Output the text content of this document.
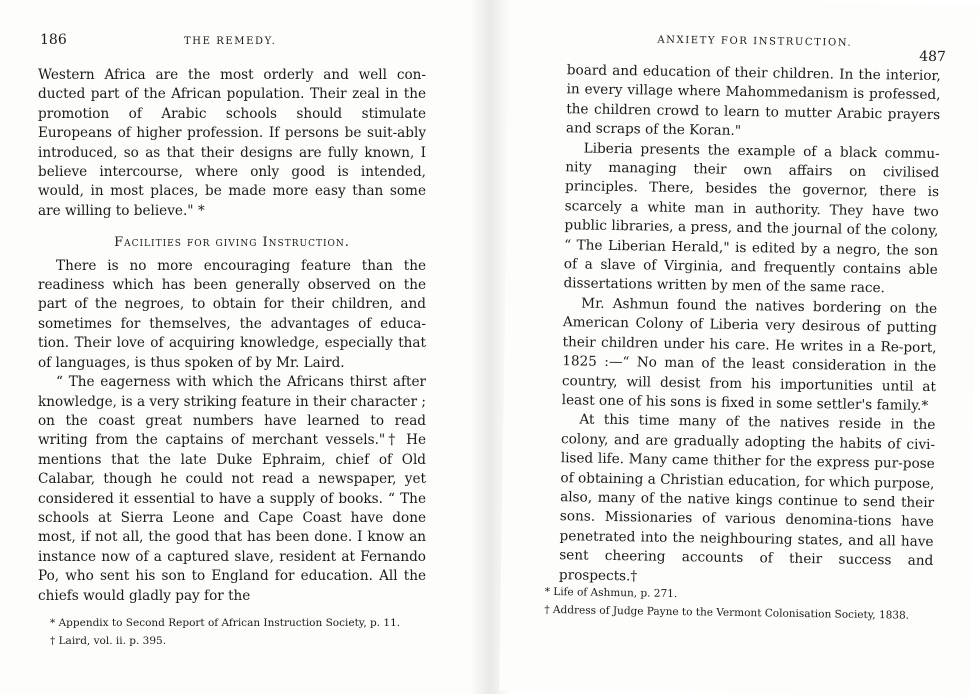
186	THE REMEDY.

Western Africa are the most orderly and well con-ducted part of the African population. Their zeal in the promotion of Arabic schools should stimulate Europeans of higher profession. If persons be suit-ably introduced, so as that their designs are fully known, I believe intercourse, where only good is intended, would, in most places, be made more easy than some are willing to believe." *

Facilities for giving Instruction.

There is no more encouraging feature than the readiness which has been generally observed on the part of the negroes, to obtain for their children, and sometimes for themselves, the advantages of educa-tion. Their love of acquiring knowledge, especially that of languages, is thus spoken of by Mr. Laird.

“ The eagerness with which the Africans thirst after knowledge, is a very striking feature in their character ; on the coast great numbers have learned to read writing from the captains of merchant vessels."† He mentions that the late Duke Ephraim, chief of Old Calabar, though he could not read a newspaper, yet considered it essential to have a supply of books. “ The schools at Sierra Leone and Cape Coast have done most, if not all, the good that has been done. I know an instance now of a captured slave, resident at Fernando Po, who sent his son to England for education. All the chiefs would gladly pay for the

* Appendix to Second Report of African Instruction Society, p. 11.

† Laird, vol. ii. p. 395.

ANXIETY FOR INSTRUCTION.
487

board and education of their children. In the interior, in every village where Mahommedanism is professed, the children crowd to learn to mutter Arabic prayers and scraps of the Koran."

Liberia presents the example of a black commu-nity managing their own affairs on civilised principles. There, besides the governor, there is scarcely a white man in authority. They have two public libraries, a press, and the journal of the colony, “ The Liberian Herald," is edited by a negro, the son of a slave of Virginia, and frequently contains able dissertations written by men of the same race.

Mr. Ashmun found the natives bordering on the American Colony of Liberia very desirous of putting their children under his care. He writes in a Re-port, 1825 :—“ No man of the least consideration in the country, will desist from his importunities until at least one of his sons is fixed in some settler's family.*

At this time many of the natives reside in the colony, and are gradually adopting the habits of civi-lised life. Many came thither for the express pur-pose of obtaining a Christian education, for which purpose, also, many of the native kings continue to send their sons. Missionaries of various denomina-tions have penetrated into the neighbouring states, and all have sent cheering accounts of their success and prospects.†

* Life of Ashmun, p. 271.

† Address of Judge Payne to the Vermont Colonisation Society, 1838.
